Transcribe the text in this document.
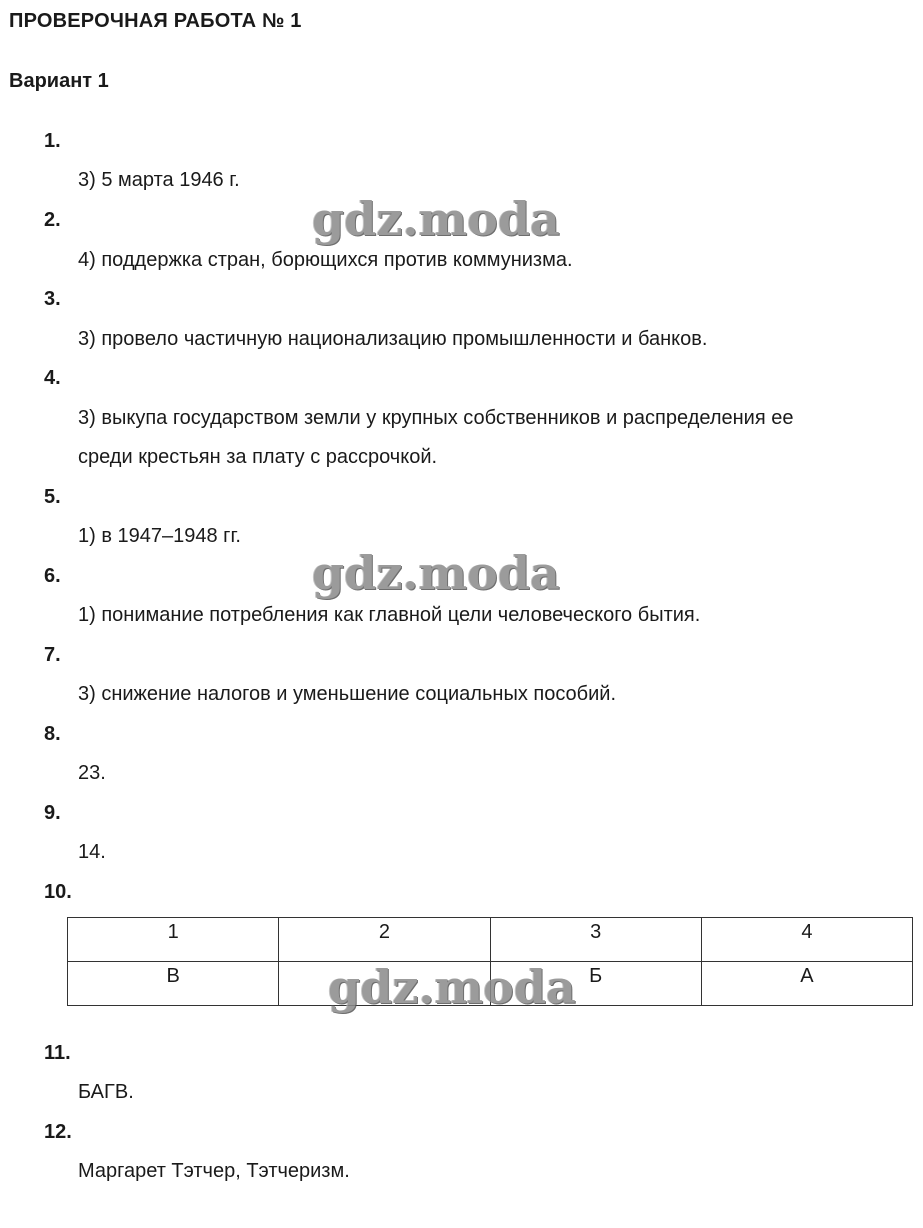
ПРОВЕРОЧНАЯ РАБОТА № 1
Вариант 1
1.
3) 5 марта 1946 г.
2.
4) поддержка стран, борющихся против коммунизма.
3.
3) провело частичную национализацию промышленности и банков.
4.
3) выкупа государством земли у крупных собственников и распределения ее
среди крестьян за плату с рассрочкой.
5.
1) в 1947–1948 гг.
6.
1) понимание потребления как главной цели человеческого бытия.
7.
3) снижение налогов и уменьшение социальных пособий.
8.
23.
9.
14.
10.
1	2	3	4
В		Б	А
11.
БАГВ.
12.
Маргарет Тэтчер, Тэтчеризм.
gdz.moda
gdz.moda
gdz.moda
